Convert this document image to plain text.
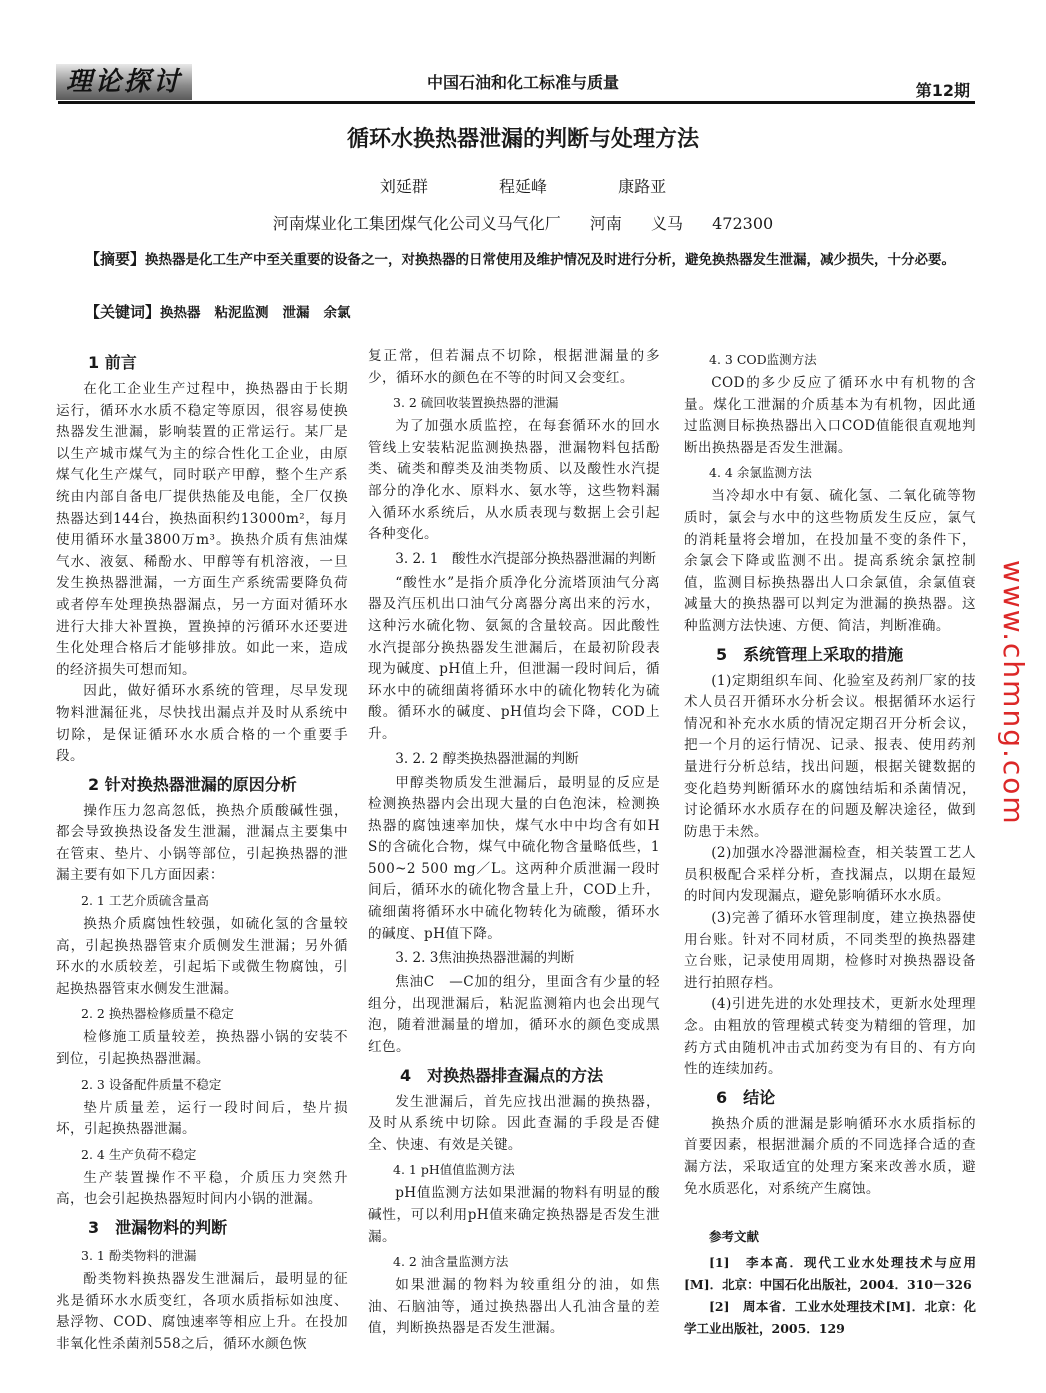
理论探讨	中国石油和化工标准与质量	第12期
循环水换热器泄漏的判断与处理方法
刘延群	程延峰	康路亚
河南煤业化工集团煤气化公司义马气化厂 河南 义马 472300
【摘要】换热器是化工生产中至关重要的设备之一，对换热器的日常使用及维护情况及时进行分析，避免换热器发生泄漏，减少损失，十分必要。
【关键词】换热器 粘泥监测 泄漏 余氯
1 前言

在化工企业生产过程中，换热器由于长期运行，循环水水质不稳定等原因，很容易使换热器发生泄漏，影响装置的正常运行。某厂是以生产城市煤气为主的综合性化工企业，由原煤气化生产煤气，同时联产甲醇，整个生产系统由内部自备电厂提供热能及电能，全厂仅换热器达到144台，换热面积约13000m²，每月使用循环水量3800万m³。换热介质有焦油煤气水、液氨、稀酚水、甲醇等有机溶液，一旦发生换热器泄漏，一方面生产系统需要降负荷或者停车处理换热器漏点，另一方面对循环水进行大排大补置换，置换掉的污循环水还要进生化处理合格后才能够排放。如此一来，造成的经济损失可想而知。

因此，做好循环水系统的管理，尽早发现物料泄漏征兆，尽快找出漏点并及时从系统中切除，是保证循环水水质合格的一个重要手段。

2 针对换热器泄漏的原因分析

操作压力忽高忽低，换热介质酸碱性强，都会导致换热设备发生泄漏，泄漏点主要集中在管束、垫片、小锅等部位，引起换热器的泄漏主要有如下几方面因素：

2. 1 工艺介质硫含量高

换热介质腐蚀性较强，如硫化氢的含量较高，引起换热器管束介质侧发生泄漏；另外循环水的水质较差，引起垢下或微生物腐蚀，引起换热器管束水侧发生泄漏。

2. 2 换热器检修质量不稳定

检修施工质量较差，换热器小锅的安装不到位，引起换热器泄漏。

2. 3 设备配件质量不稳定

垫片质量差，运行一段时间后，垫片损坏，引起换热器泄漏。

2. 4 生产负荷不稳定

生产装置操作不平稳，介质压力突然升高，也会引起换热器短时间内小锅的泄漏。

3　泄漏物料的判断
3. 1 酚类物料的泄漏

酚类物料换热器发生泄漏后，最明显的征兆是循环水水质变红，各项水质指标如浊度、悬浮物、COD、腐蚀速率等相应上升。在投加非氧化性杀菌剂558之后，循环水颜色恢

复正常，但若漏点不切除，根据泄漏量的多少，循环水的颜色在不等的时间又会变红。

3. 2 硫回收装置换热器的泄漏

为了加强水质监控，在每套循环水的回水管线上安装粘泥监测换热器，泄漏物料包括酚类、硫类和醇类及油类物质、以及酸性水汽提部分的净化水、原料水、氨水等，这些物料漏入循环水系统后，从水质表现与数据上会引起各种变化。

3. 2. 1　酸性水汽提部分换热器泄漏的判断

“酸性水”是指介质净化分流塔顶油气分离器及汽压机出口油气分离器分离出来的污水，这种污水硫化物、氨氮的含量较高。因此酸性水汽提部分换热器发生泄漏后，在最初阶段表现为碱度、pH值上升，但泄漏一段时间后，循环水中的硫细菌将循环水中的硫化物转化为硫酸。循环水的碱度、pH值均会下降，COD上升。

3. 2. 2 醇类换热器泄漏的判断

甲醇类物质发生泄漏后，最明显的反应是检测换热器内会出现大量的白色泡沫，检测换热器的腐蚀速率加快，煤气水中中均含有如H　S的含硫化合物，煤气中硫化物含量略低些，1 500~2 500 mg／L。这两种介质泄漏一段时间后，循环水的硫化物含量上升，COD上升，硫细菌将循环水中硫化物转化为硫酸，循环水的碱度、pH值下降。

3. 2. 3焦油换热器泄漏的判断

焦油C　—C加的组分，里面含有少量的轻组分，出现泄漏后，粘泥监测箱内也会出现气泡，随着泄漏量的增加，循环水的颜色变成黑红色。

4　对换热器排查漏点的方法

发生泄漏后，首先应找出泄漏的换热器，及时从系统中切除。因此查漏的手段是否健全、快速、有效是关键。

4. 1 pH值值监测方法

pH值监测方法如果泄漏的物料有明显的酸碱性，可以利用pH值来确定换热器是否发生泄漏。

4. 2 油含量监测方法

如果泄漏的物料为较重组分的油，如焦油、石脑油等，通过换热器出人孔油含量的差值，判断换热器是否发生泄漏。

4. 3 COD监测方法

COD的多少反应了循环水中有机物的含量。煤化工泄漏的介质基本为有机物，因此通过监测目标换热器出入口COD值能很直观地判断出换热器是否发生泄漏。

4. 4 余氯监测方法

当冷却水中有氨、硫化氢、二氧化硫等物质时，氯会与水中的这些物质发生反应，氯气的消耗量将会增加，在投加量不变的条件下，余氯会下降或监测不出。提高系统余氯控制值，监测目标换热器出人口余氯值，余氯值衰减量大的换热器可以判定为泄漏的换热器。这种监测方法快速、方便、简洁，判断准确。

5　系统管理上采取的措施

(1)定期组织车间、化验室及药剂厂家的技术人员召开循环水分析会议。根据循环水运行情况和补充水水质的情况定期召开分析会议，把一个月的运行情况、记录、报表、使用药剂量进行分析总结，找出问题，根据关键数据的变化趋势判断循环水的腐蚀结垢和杀菌情况，讨论循环水水质存在的问题及解决途径，做到防患于未然。

(2)加强水冷器泄漏检查，相关装置工艺人员积极配合采样分析，查找漏点，以期在最短的时间内发现漏点，避免影响循环水水质。

(3)完善了循环水管理制度，建立换热器使用台账。针对不同材质，不同类型的换热器建立台账，记录使用周期，检修时对换热器设备进行拍照存档。

(4)引进先进的水处理技术，更新水处理理念。由粗放的管理模式转变为精细的管理，加药方式由随机冲击式加药变为有目的、有方向性的连续加药。

6　结论

换热介质的泄漏是影响循环水水质指标的首要因素，根据泄漏介质的不同选择合适的查漏方法，采取适宜的处理方案来改善水质，避免水质恶化，对系统产生腐蚀。

参考文献
[1]　李本高．现代工业水处理技术与应用[M]．北京：中国石化出版社，2004．310－326
[2]　周本省．工业水处理技术[M]．北京：化学工业出版社，2005．129
www.chmng.com
